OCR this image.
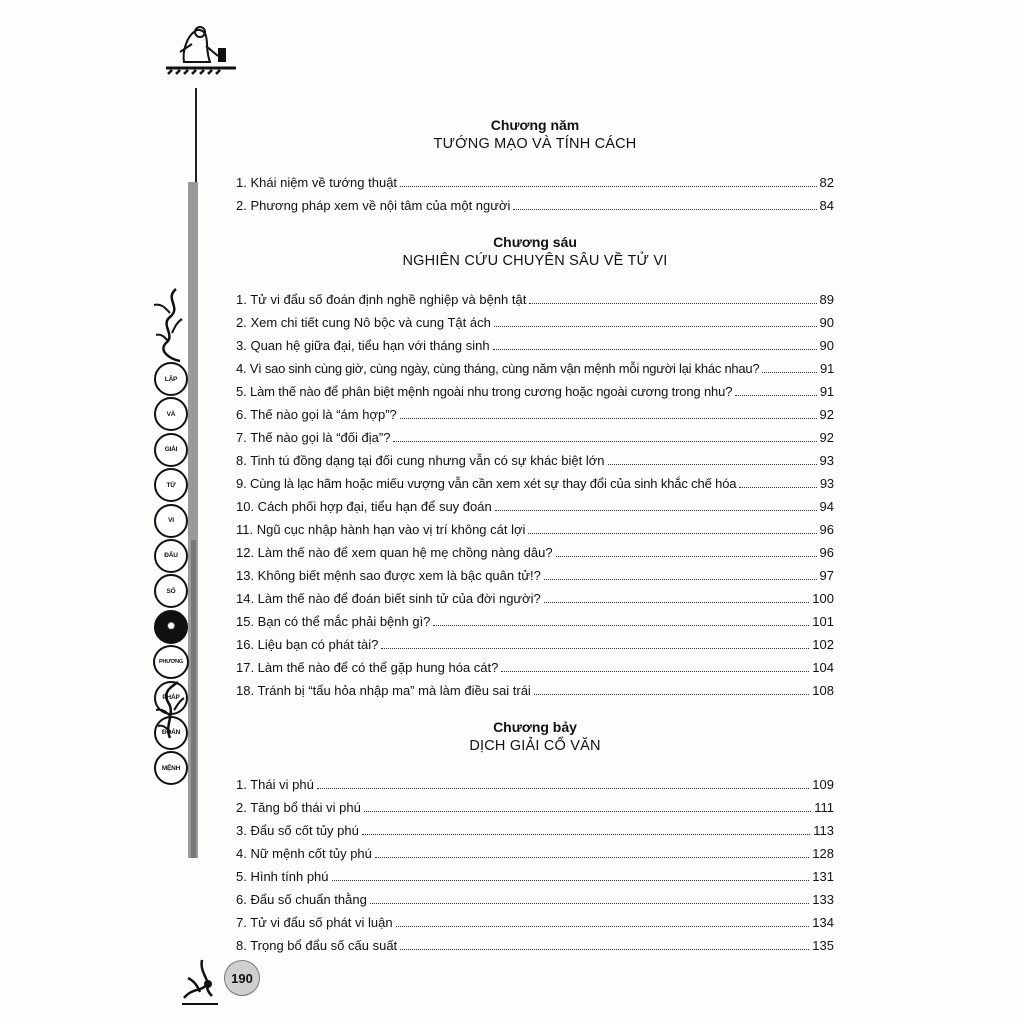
LẬP
VÀ
GIẢI
TỬ
VI
ĐẨU
SỐ
✺
PHƯƠNG
PHÁP
ĐOÁN
MỆNH
190
Chương năm
TƯỚNG MẠO VÀ TÍNH CÁCH
1. Khái niệm về tướng thuật	82
2. Phương pháp xem về nội tâm của một người	84
Chương sáu
NGHIÊN CỨU CHUYÊN SÂU VỀ TỬ VI
1. Tử vi đẩu số đoán định nghề nghiệp và bệnh tật	89
2. Xem chi tiết cung Nô bộc và cung Tật ách	90
3. Quan hệ giữa đại, tiểu hạn với tháng sinh	90
4. Vì sao sinh cùng giờ, cùng ngày, cùng tháng, cùng năm vận mệnh mỗi người lại khác nhau?	91
5. Làm thế nào để phân biệt mệnh ngoài nhu trong cương hoặc ngoài cương trong nhu?	91
6. Thế nào gọi là “ám hợp”?	92
7. Thế nào gọi là “đối địa”?	92
8. Tinh tú đồng dạng tại đối cung nhưng vẫn có sự khác biệt lớn	93
9. Cùng là lạc hãm hoặc miếu vượng vẫn cần xem xét sự thay đổi của sinh khắc chế hóa	93
10. Cách phối hợp đại, tiểu hạn để suy đoán	94
11. Ngũ cục nhập hành hạn vào vị trí không cát lợi	96
12. Làm thế nào để xem quan hệ mẹ chồng nàng dâu?	96
13. Không biết mệnh sao được xem là bậc quân tử!?	97
14. Làm thế nào để đoán biết sinh tử của đời người?	100
15. Bạn có thể mắc phải bệnh gì?	101
16. Liệu bạn có phát tài?	102
17. Làm thế nào để có thể gặp hung hóa cát?	104
18. Tránh bị “tẩu hỏa nhập ma” mà làm điều sai trái	108
Chương bảy
DỊCH GIẢI CỔ VĂN
1. Thái vi phú	109
2. Tăng bổ thái vi phú	111
3. Đẩu số cốt tủy phú	113
4. Nữ mệnh cốt tủy phú	128
5. Hình tính phú	131
6. Đẩu số chuẩn thằng	133
7. Tử vi đẩu số phát vi luận	134
8. Trọng bổ đẩu số cấu suất	135
